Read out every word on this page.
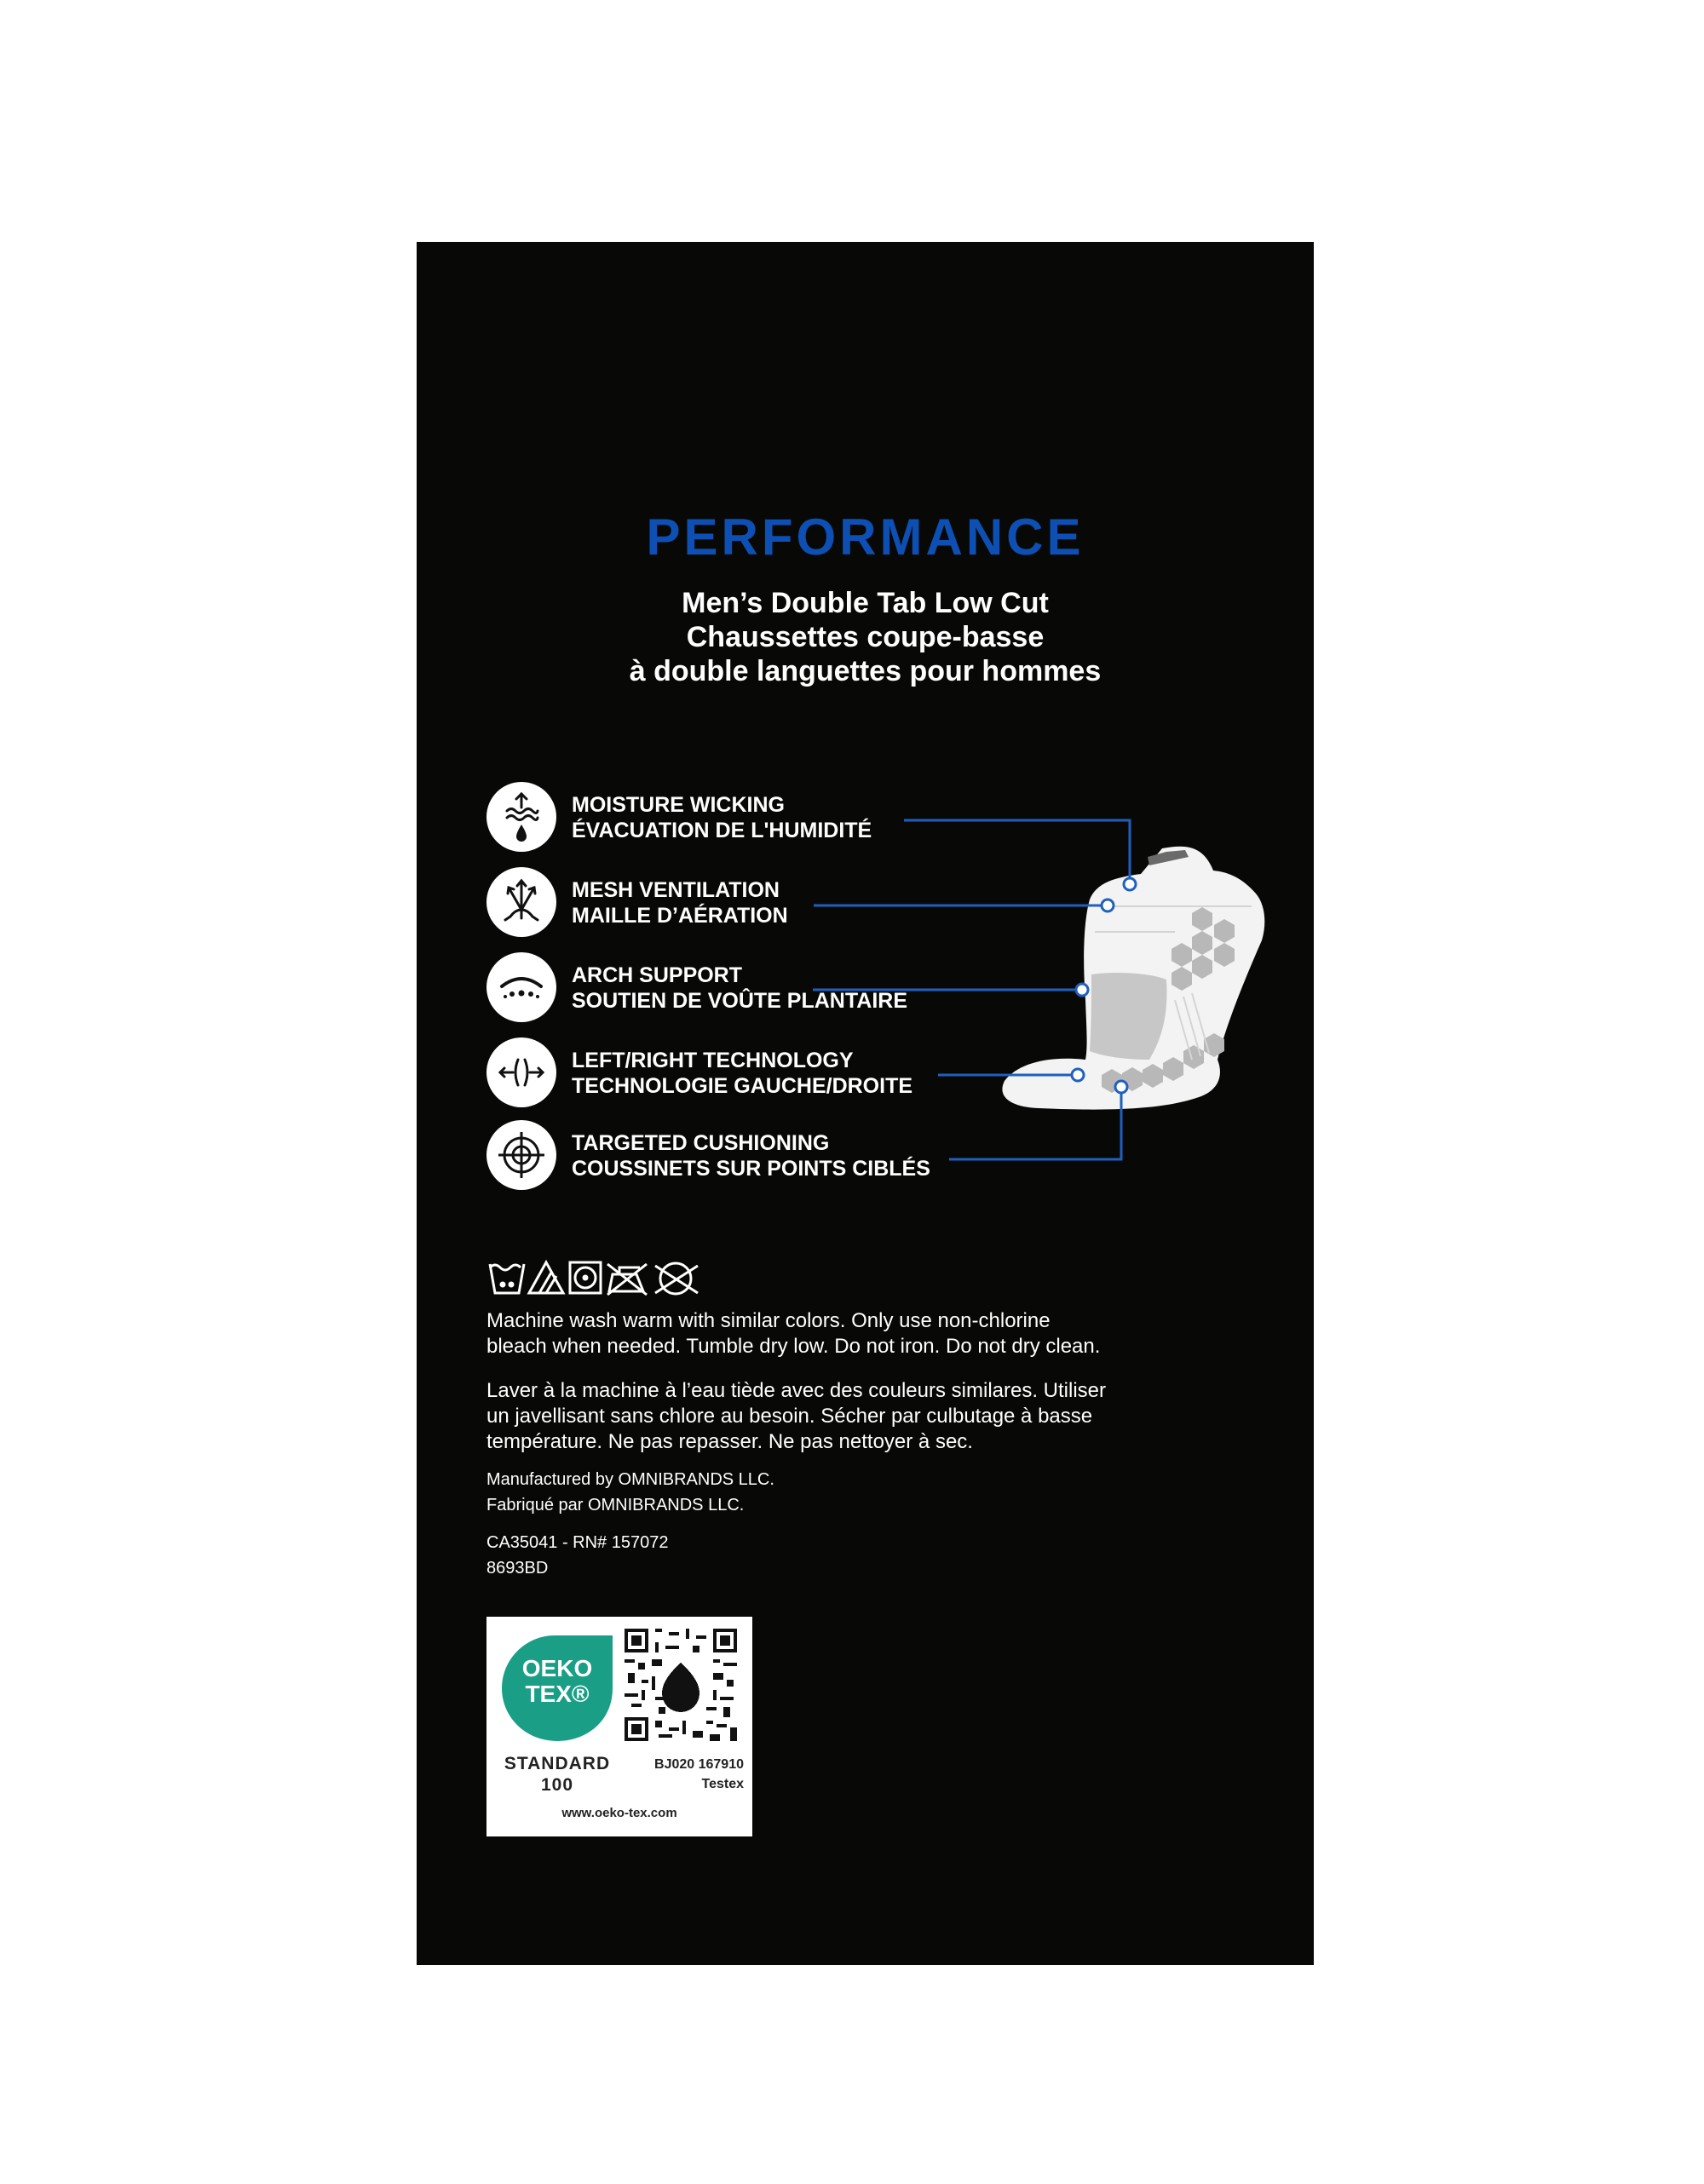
PERFORMANCE
Men’s Double Tab Low Cut
Chaussettes coupe-basse
à double languettes pour hommes
MOISTURE WICKING
ÉVACUATION DE L'HUMIDITÉ
MESH VENTILATION
MAILLE D’AÉRATION
ARCH SUPPORT
SOUTIEN DE VOÛTE PLANTAIRE
LEFT/RIGHT TECHNOLOGY
TECHNOLOGIE GAUCHE/DROITE
TARGETED CUSHIONING
COUSSINETS SUR POINTS CIBLÉS
Machine wash warm with similar colors. Only use non-chlorine
bleach when needed. Tumble dry low. Do not iron. Do not dry clean.
Laver à la machine à l’eau tiède avec des couleurs similares. Utiliser
un javellisant sans chlore au besoin. Sécher par culbutage à basse
température. Ne pas repasser. Ne pas nettoyer à sec.
Manufactured by OMNIBRANDS LLC.
Fabriqué par OMNIBRANDS LLC.
CA35041 - RN# 157072
8693BD
OEKO
TEX®
STANDARD
100
BJ020 167910
Testex
www.oeko-tex.com
